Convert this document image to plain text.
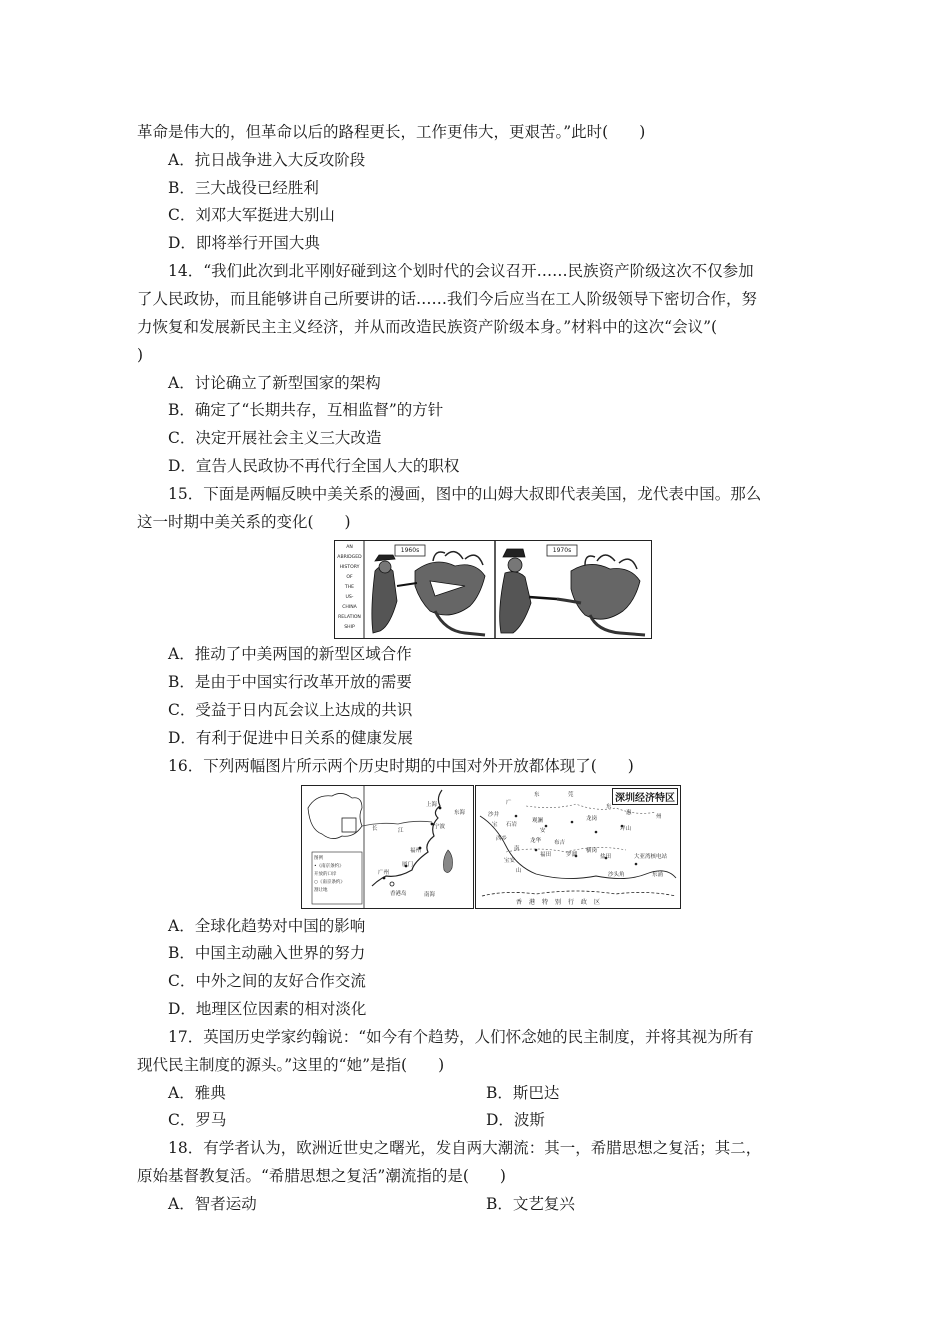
革命是伟大的，但革命以后的路程更长，工作更伟大，更艰苦。”此时(　　)
A．抗日战争进入大反攻阶段
B．三大战役已经胜利
C．刘邓大军挺进大别山
D．即将举行开国大典
14．“我们此次到北平刚好碰到这个划时代的会议召开……民族资产阶级这次不仅参加
了人民政协，而且能够讲自己所要讲的话……我们今后应当在工人阶级领导下密切合作，努
力恢复和发展新民主主义经济，并从而改造民族资产阶级本身。”材料中的这次“会议”(
)
A．讨论确立了新型国家的架构
B．确定了“长期共存，互相监督”的方针
C．决定开展社会主义三大改造
D．宣告人民政协不再代行全国人大的职权
15．下面是两幅反映中美关系的漫画，图中的山姆大叔即代表美国，龙代表中国。那么
这一时期中美关系的变化(　　)
AN
ABRIDGED
HISTORY
OF
THE
US-
CHINA
RELATION
SHIP
1960s	1970s
A．推动了中美两国的新型区域合作
B．是由于中国实行改革开放的需要
C．受益于日内瓦会议上达成的共识
D．有利于促进中日关系的健康发展
16．下列两幅图片所示两个历史时期的中国对外开放都体现了(　　)
上海
东海
宁波
长	江
福州
厦门
广州
香港岛	南海
图例
•《南京条约》
开放的口岸
○《南京条约》
割让地
深圳经济特区
东	莞
广
沙井
宝 石岩
观澜
安
龙岗
东
惠
州
西乡	龙华 布吉
坪山
南	横岗
宝安
福田	罗湖	盐田	大亚湾核电站
山
沙头角	东涌
香港特别行政区
A．全球化趋势对中国的影响
B．中国主动融入世界的努力
C．中外之间的友好合作交流
D．地理区位因素的相对淡化
17．英国历史学家约翰说：“如今有个趋势，人们怀念她的民主制度，并将其视为所有
现代民主制度的源头。”这里的“她”是指(　　)
A．雅典	B．斯巴达
C．罗马	D．波斯
18．有学者认为，欧洲近世史之曙光，发自两大潮流：其一，希腊思想之复活；其二，
原始基督教复活。“希腊思想之复活”潮流指的是(　　)
A．智者运动	B．文艺复兴
